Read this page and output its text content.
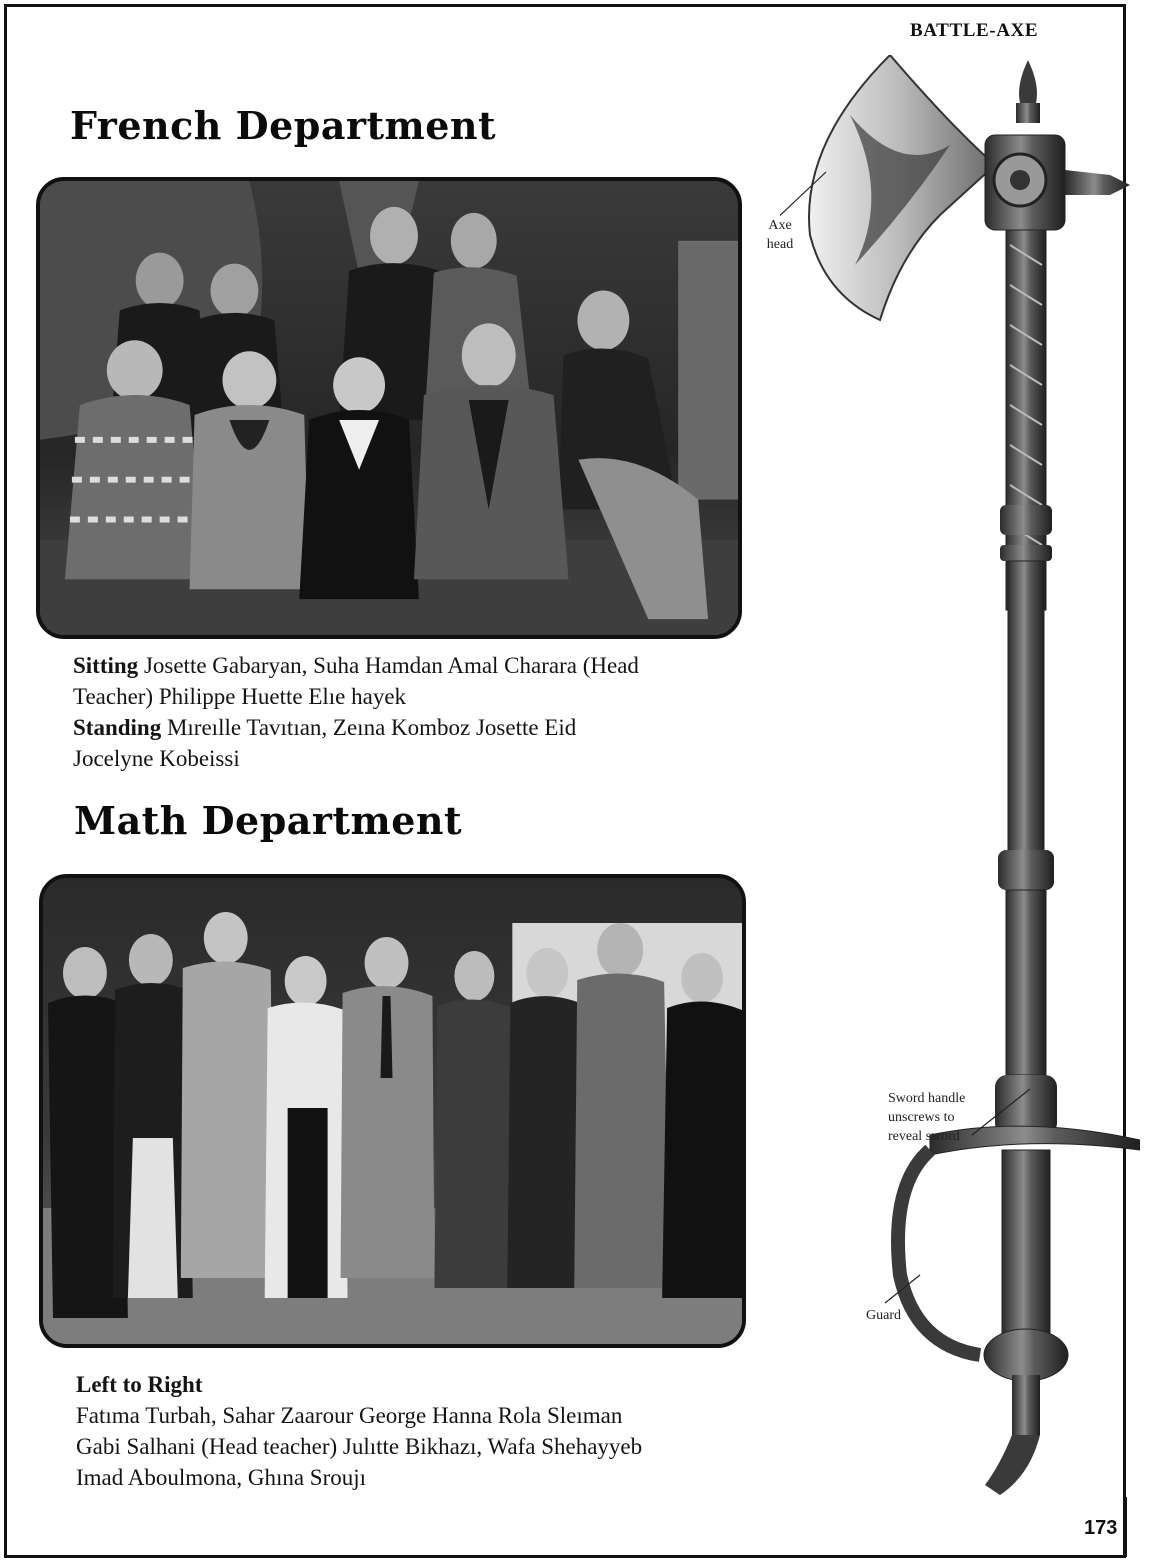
French Department
Sitting Josette Gabaryan, Suha Hamdan Amal Charara (Head
Teacher) Philippe Huette Elıe hayek
Standing Mıreılle Tavıtıan, Zeına Komboz Josette Eid
Jocelyne Kobeissi
Math Department
Left to Right
Fatıma Turbah, Sahar Zaarour George Hanna Rola Sleıman
Gabi Salhani (Head teacher) Julıtte Bikhazı, Wafa Shehayyeb
Imad Aboulmona, Ghına Sroujı
BATTLE-AXE
Axe
head
Sword handle
unscrews to
reveal sword
Guard
173
